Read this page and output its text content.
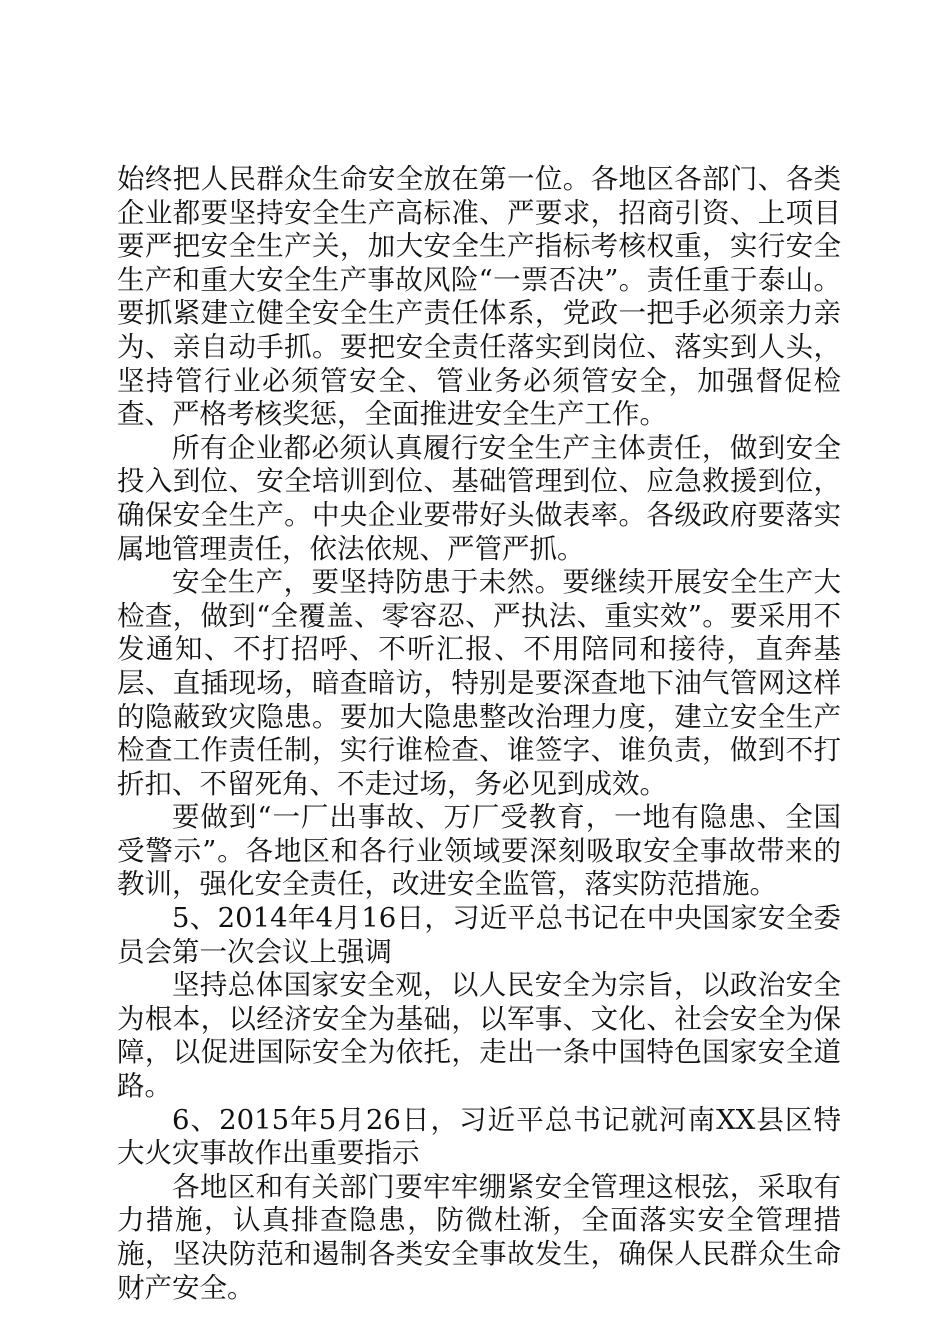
始终把人民群众生命安全放在第一位。各地区各部门、各类企业都要坚持安全生产高标准、严要求，招商引资、上项目要严把安全生产关，加大安全生产指标考核权重，实行安全生产和重大安全生产事故风险“一票否决”。责任重于泰山。要抓紧建立健全安全生产责任体系，党政一把手必须亲力亲为、亲自动手抓。要把安全责任落实到岗位、落实到人头，坚持管行业必须管安全、管业务必须管安全，加强督促检查、严格考核奖惩，全面推进安全生产工作。

所有企业都必须认真履行安全生产主体责任，做到安全投入到位、安全培训到位、基础管理到位、应急救援到位，确保安全生产。中央企业要带好头做表率。各级政府要落实属地管理责任，依法依规、严管严抓。

安全生产，要坚持防患于未然。要继续开展安全生产大检查，做到“全覆盖、零容忍、严执法、重实效”。要采用不发通知、不打招呼、不听汇报、不用陪同和接待，直奔基层、直插现场，暗查暗访，特别是要深查地下油气管网这样的隐蔽致灾隐患。要加大隐患整改治理力度，建立安全生产检查工作责任制，实行谁检查、谁签字、谁负责，做到不打折扣、不留死角、不走过场，务必见到成效。

要做到“一厂出事故、万厂受教育，一地有隐患、全国受警示”。各地区和各行业领域要深刻吸取安全事故带来的教训，强化安全责任，改进安全监管，落实防范措施。

5、2014年4月16日，习近平总书记在中央国家安全委员会第一次会议上强调

坚持总体国家安全观，以人民安全为宗旨，以政治安全为根本，以经济安全为基础，以军事、文化、社会安全为保障，以促进国际安全为依托，走出一条中国特色国家安全道路。

6、2015年5月26日，习近平总书记就河南XX县区特大火灾事故作出重要指示

各地区和有关部门要牢牢绷紧安全管理这根弦，采取有力措施，认真排查隐患，防微杜渐，全面落实安全管理措施，坚决防范和遏制各类安全事故发生，确保人民群众生命财产安全。
